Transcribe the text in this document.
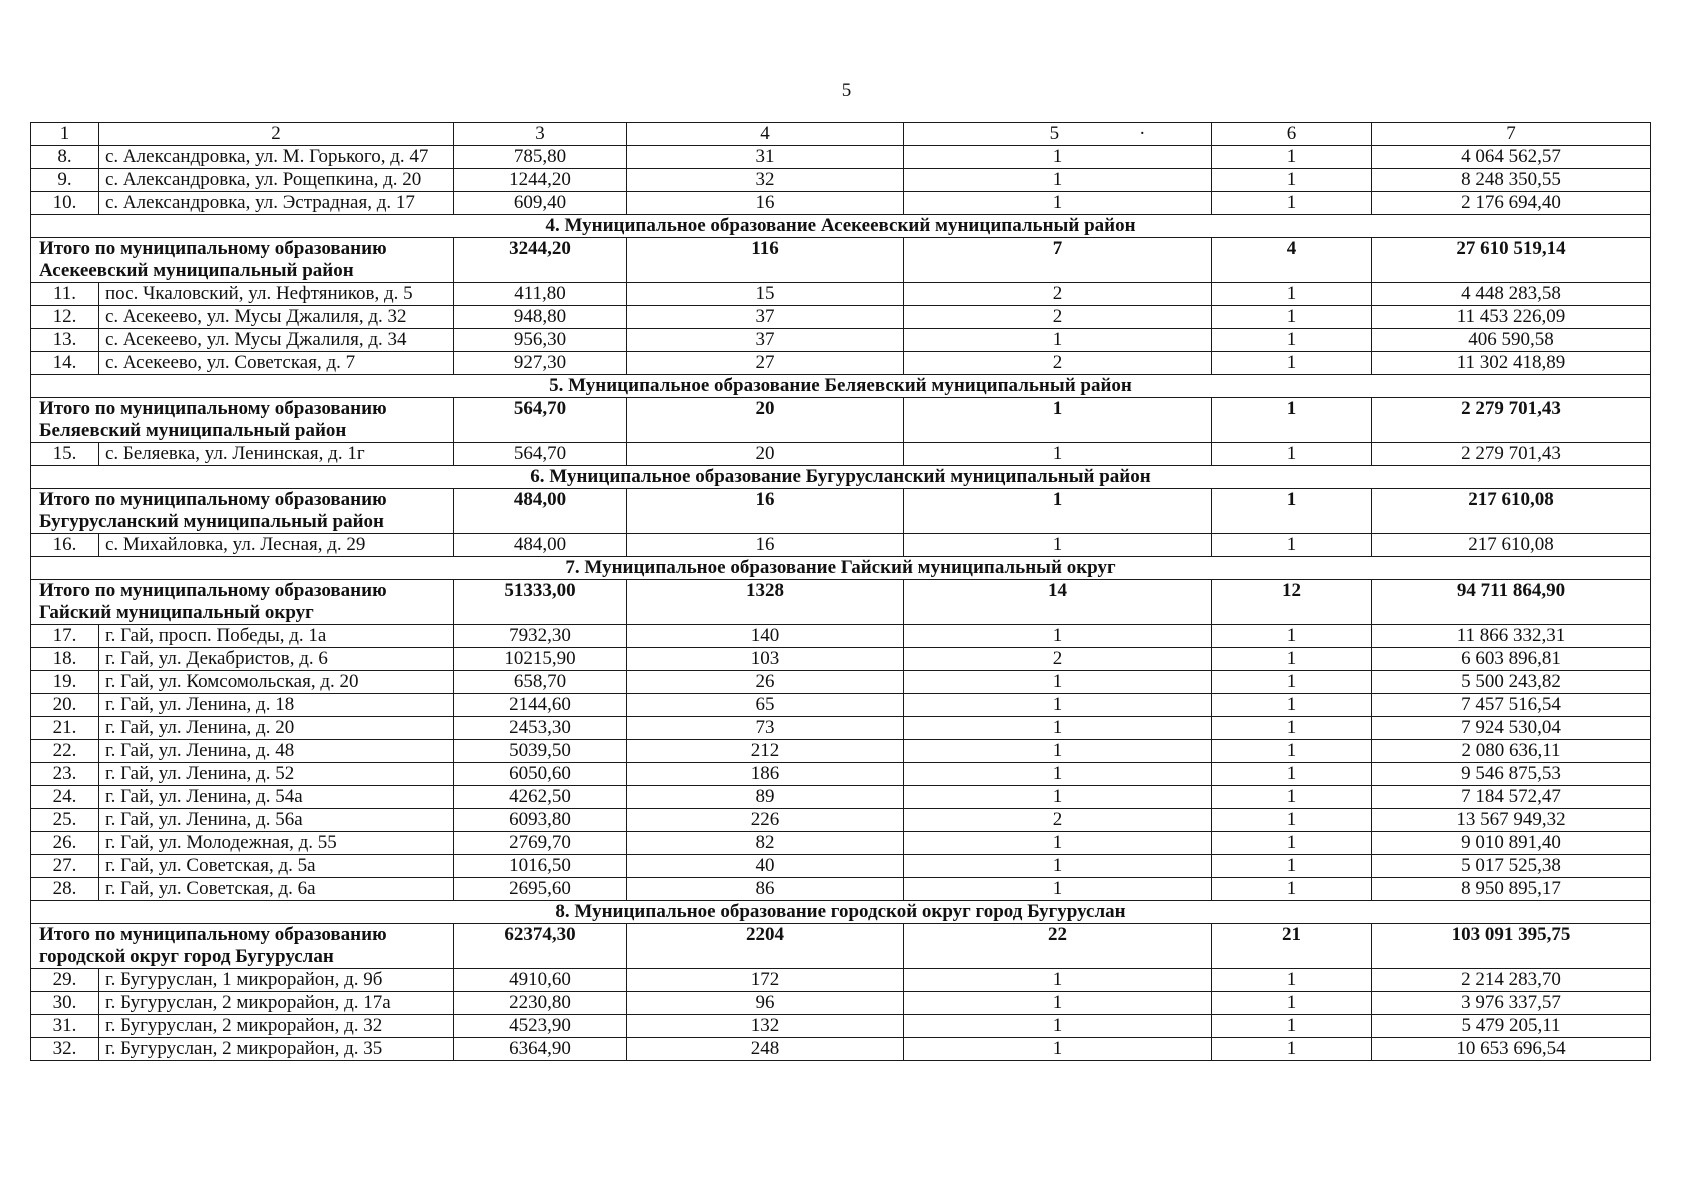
5
1	2	3	4	5 ·	6	7
8.	с. Александровка, ул. М. Горького, д. 47	785,80	31	1	1	4 064 562,57
9.	с. Александровка, ул. Рощепкина, д. 20	1244,20	32	1	1	8 248 350,55
10.	с. Александровка, ул. Эстрадная, д. 17	609,40	16	1	1	2 176 694,40
4. Муниципальное образование Асекеевский муниципальный район						
Итого по муниципальному образованию Асекеевский муниципальный район		3244,20	116	7	4	27 610 519,14
11.	пос. Чкаловский, ул. Нефтяников, д. 5	411,80	15	2	1	4 448 283,58
12.	с. Асекеево, ул. Мусы Джалиля, д. 32	948,80	37	2	1	11 453 226,09
13.	с. Асекеево, ул. Мусы Джалиля, д. 34	956,30	37	1	1	406 590,58
14.	с. Асекеево, ул. Советская, д. 7	927,30	27	2	1	11 302 418,89
5. Муниципальное образование Беляевский муниципальный район						
Итого по муниципальному образованию Беляевский муниципальный район		564,70	20	1	1	2 279 701,43
15.	с. Беляевка, ул. Ленинская, д. 1г	564,70	20	1	1	2 279 701,43
6. Муниципальное образование Бугурусланский муниципальный район						
Итого по муниципальному образованию Бугурусланский муниципальный район		484,00	16	1	1	217 610,08
16.	с. Михайловка, ул. Лесная, д. 29	484,00	16	1	1	217 610,08
7. Муниципальное образование Гайский муниципальный округ						
Итого по муниципальному образованию Гайский муниципальный округ		51333,00	1328	14	12	94 711 864,90
17.	г. Гай, просп. Победы, д. 1а	7932,30	140	1	1	11 866 332,31
18.	г. Гай, ул. Декабристов, д. 6	10215,90	103	2	1	6 603 896,81
19.	г. Гай, ул. Комсомольская, д. 20	658,70	26	1	1	5 500 243,82
20.	г. Гай, ул. Ленина, д. 18	2144,60	65	1	1	7 457 516,54
21.	г. Гай, ул. Ленина, д. 20	2453,30	73	1	1	7 924 530,04
22.	г. Гай, ул. Ленина, д. 48	5039,50	212	1	1	2 080 636,11
23.	г. Гай, ул. Ленина, д. 52	6050,60	186	1	1	9 546 875,53
24.	г. Гай, ул. Ленина, д. 54а	4262,50	89	1	1	7 184 572,47
25.	г. Гай, ул. Ленина, д. 56а	6093,80	226	2	1	13 567 949,32
26.	г. Гай, ул. Молодежная, д. 55	2769,70	82	1	1	9 010 891,40
27.	г. Гай, ул. Советская, д. 5а	1016,50	40	1	1	5 017 525,38
28.	г. Гай, ул. Советская, д. 6а	2695,60	86	1	1	8 950 895,17
8. Муниципальное образование городской округ город Бугуруслан						
Итого по муниципальному образованию городской округ город Бугуруслан		62374,30	2204	22	21	103 091 395,75
29.	г. Бугуруслан, 1 микрорайон, д. 9б	4910,60	172	1	1	2 214 283,70
30.	г. Бугуруслан, 2 микрорайон, д. 17а	2230,80	96	1	1	3 976 337,57
31.	г. Бугуруслан, 2 микрорайон, д. 32	4523,90	132	1	1	5 479 205,11
32.	г. Бугуруслан, 2 микрорайон, д. 35	6364,90	248	1	1	10 653 696,54
